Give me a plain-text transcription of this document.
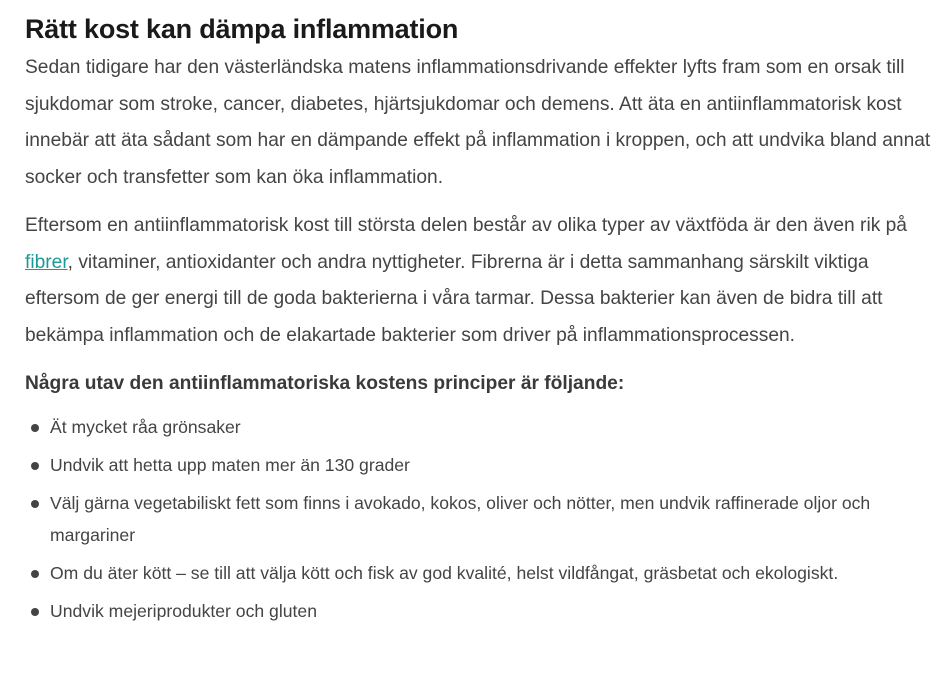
Rätt kost kan dämpa inflammation

Sedan tidigare har den västerländska matens inflammationsdrivande effekter lyfts fram som en orsak till sjukdomar som stroke, cancer, diabetes, hjärtsjukdomar och demens. Att äta en antiinflammatorisk kost innebär att äta sådant som har en dämpande effekt på inflammation i kroppen, och att undvika bland annat socker och transfetter som kan öka inflammation.

Eftersom en antiinflammatorisk kost till största delen består av olika typer av växtföda är den även rik på fibrer, vitaminer, antioxidanter och andra nyttigheter. Fibrerna är i detta sammanhang särskilt viktiga eftersom de ger energi till de goda bakterierna i våra tarmar. Dessa bakterier kan även de bidra till att bekämpa inflammation och de elakartade bakterier som driver på inflammationsprocessen.

Några utav den antiinflammatoriska kostens principer är följande:

Ät mycket råa grönsaker
Undvik att hetta upp maten mer än 130 grader
Välj gärna vegetabiliskt fett som finns i avokado, kokos, oliver och nötter, men undvik raffinerade oljor och margariner
Om du äter kött – se till att välja kött och fisk av god kvalité, helst vildfångat, gräsbetat och ekologiskt.
Undvik mejeriprodukter och gluten
